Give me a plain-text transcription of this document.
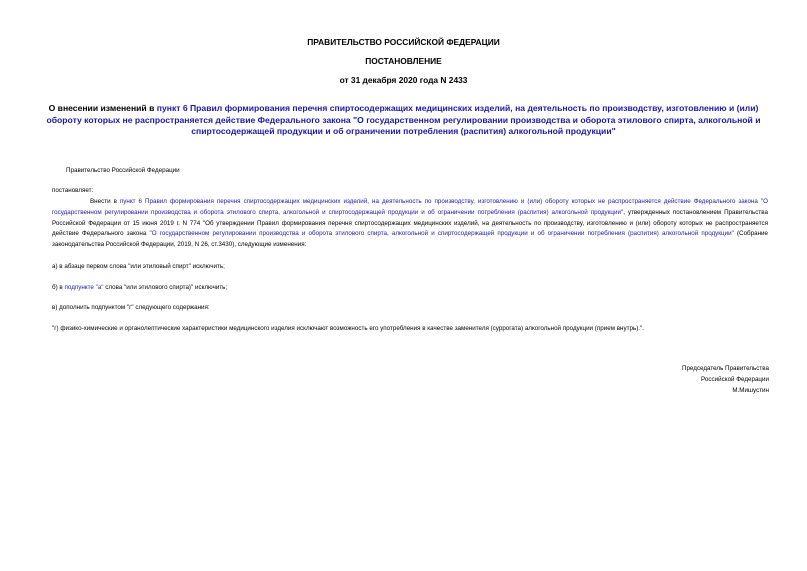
ПРАВИТЕЛЬСТВО РОССИЙСКОЙ ФЕДЕРАЦИИ
ПОСТАНОВЛЕНИЕ
от 31 декабря 2020 года N 2433
О внесении изменений в пункт 6 Правил формирования перечня спиртосодержащих медицинских изделий, на деятельность по производству, изготовлению и (или) обороту которых не распространяется действие Федерального закона "О государственном регулировании производства и оборота этилового спирта, алкогольной и спиртосодержащей продукции и об ограничении потребления (распития) алкогольной продукции"
Правительство Российской Федерации
постановляет:
Внести в пункт 6 Правил формирования перечня спиртосодержащих медицинских изделий, на деятельность по производству, изготовлению и (или) обороту которых не распространяется действие Федерального закона "О государственном регулировании производства и оборота этилового спирта, алкогольной и спиртосодержащей продукции и об ограничении потребления (распития) алкогольной продукции", утвержденных постановлением Правительства Российской Федерации от 15 июня 2019 г. N 774 "Об утверждении Правил формирования перечня спиртосодержащих медицинских изделий, на деятельность по производству, изготовлению и (или) обороту которых не распространяется действие Федерального закона "О государственном регулировании производства и оборота этилового спирта, алкогольной и спиртосодержащей продукции и об ограничении потребления (распития) алкогольной продукции" (Собрание законодательства Российской Федерации, 2019, N 26, ст.3430), следующие изменения:
а) в абзаце первом слова "или этиловый спирт" исключить;
б) в подпункте "а" слова "или этилового спирта)" исключить;
в) дополнить подпунктом "г" следующего содержания:
"г) физико-химические и органолептические характеристики медицинского изделия исключают возможность его употребления в качестве заменителя (суррогата) алкогольной продукции (прием внутрь).".
Председатель Правительства
Российской Федерации
М.Мишустин
